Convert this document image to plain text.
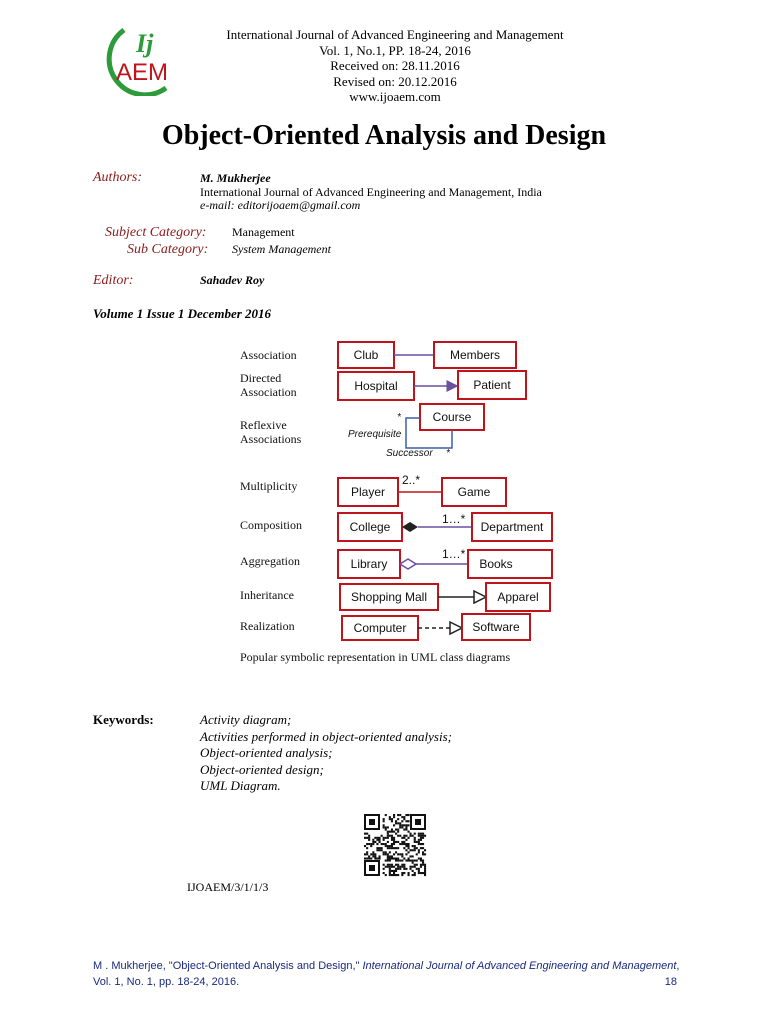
Ij
AEM
International Journal of Advanced Engineering and Management
Vol. 1, No.1, PP. 18-24, 2016
Received on: 28.11.2016
Revised on: 20.12.2016
www.ijoaem.com
Object-Oriented Analysis and Design
Authors:	M. Mukherjee
International Journal of Advanced Engineering and Management, India
e-mail: editorijoaem@gmail.com
Subject Category: Management
Sub Category: System Management
Editor:	Sahadev Roy
Volume 1 Issue 1 December 2016
Association	Club	Members
Directed
Association	Hospital	Patient
Reflexive
Associations
Course
*
Prerequisite
Successor *
Multiplicity	Player
2..*
Game
Composition	College
1…*
Department
Aggregation	Library
1…*
Books
Inheritance	Shopping Mall	Apparel
Realization	Computer	Software
Popular symbolic representation in UML class diagrams
Keywords:	Activity diagram;
Activities performed in object-oriented analysis;
Object-oriented analysis;
Object-oriented design;
UML Diagram.
IJOAEM/3/1/1/3
M . Mukherjee, "Object-Oriented Analysis and Design," International Journal of Advanced Engineering and Management, Vol. 1, No. 1, pp. 18-24, 2016.	18
